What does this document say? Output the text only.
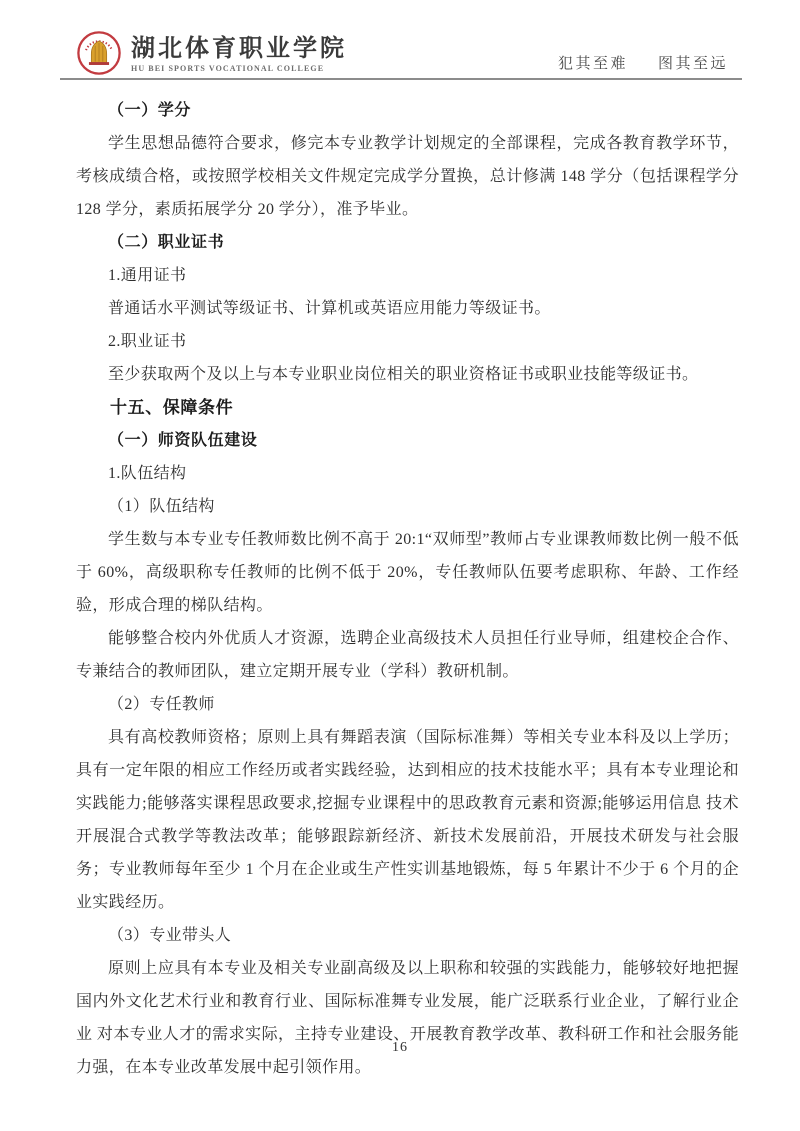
湖北体育职业学院
HU BEI SPORTS VOCATIONAL COLLEGE	犯其至难 图其至远

（一）学分

学生思想品德符合要求，修完本专业教学计划规定的全部课程，完成各教育教学环节，考核成绩合格，或按照学校相关文件规定完成学分置换，总计修满 148 学分（包括课程学分 128 学分，素质拓展学分 20 学分），准予毕业。

（二）职业证书

1.通用证书

普通话水平测试等级证书、计算机或英语应用能力等级证书。

2.职业证书

至少获取两个及以上与本专业职业岗位相关的职业资格证书或职业技能等级证书。

十五、保障条件

（一）师资队伍建设

1.队伍结构

（1）队伍结构

学生数与本专业专任教师数比例不高于 20:1“双师型”教师占专业课教师数比例一般不低于 60%，高级职称专任教师的比例不低于 20%，专任教师队伍要考虑职称、年龄、工作经验，形成合理的梯队结构。

能够整合校内外优质人才资源，选聘企业高级技术人员担任行业导师，组建校企合作、专兼结合的教师团队，建立定期开展专业（学科）教研机制。

（2）专任教师

具有高校教师资格；原则上具有舞蹈表演（国际标准舞）等相关专业本科及以上学历；具有一定年限的相应工作经历或者实践经验，达到相应的技术技能水平；具有本专业理论和实践能力;能够落实课程思政要求,挖掘专业课程中的思政教育元素和资源;能够运用信息 技术开展混合式教学等教法改革；能够跟踪新经济、新技术发展前沿，开展技术研发与社会服务；专业教师每年至少 1 个月在企业或生产性实训基地锻炼，每 5 年累计不少于 6 个月的企业实践经历。

（3）专业带头人

原则上应具有本专业及相关专业副高级及以上职称和较强的实践能力，能够较好地把握国内外文化艺术行业和教育行业、国际标准舞专业发展，能广泛联系行业企业，了解行业企业 对本专业人才的需求实际，主持专业建设、开展教育教学改革、教科研工作和社会服务能力强，在本专业改革发展中起引领作用。

16
